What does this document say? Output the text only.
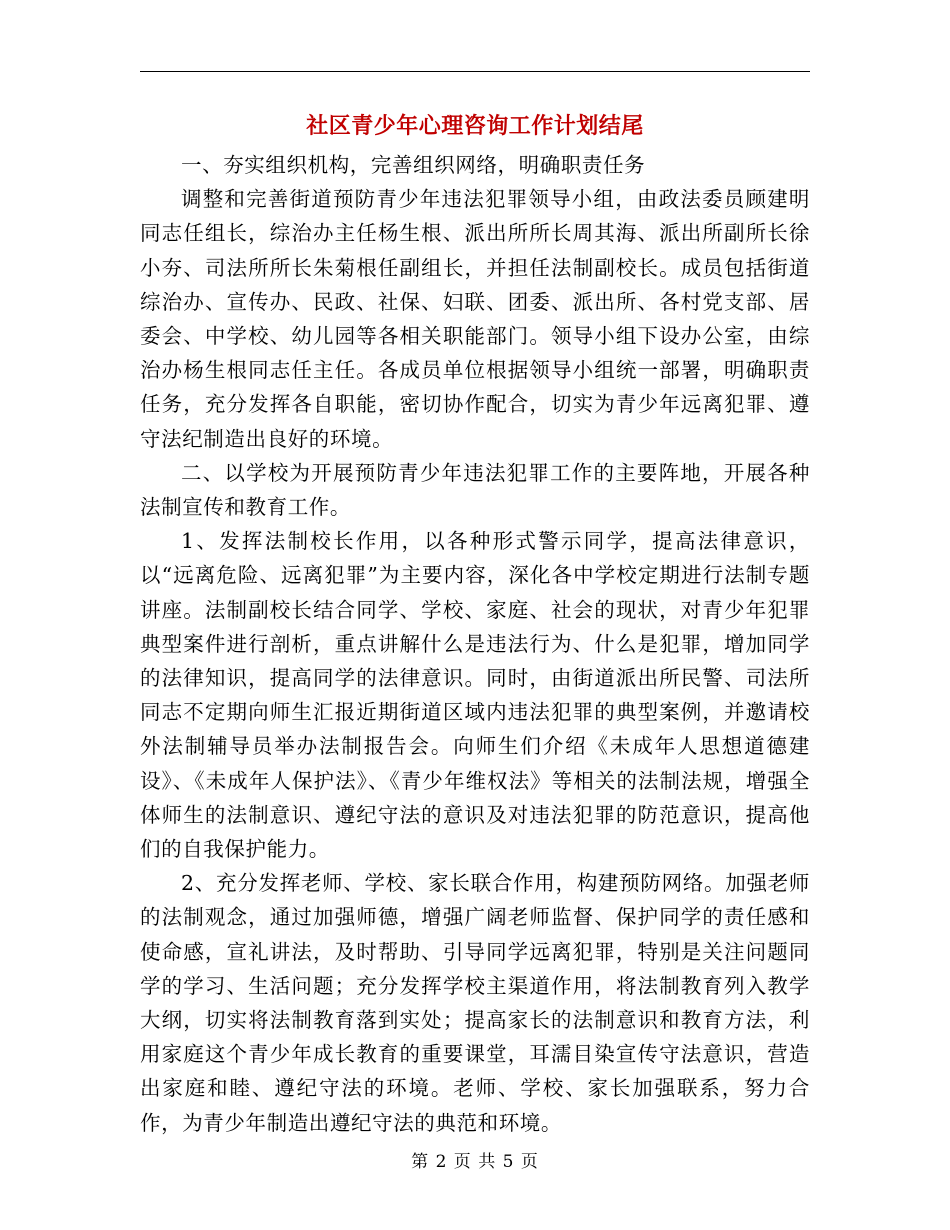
社区青少年心理咨询工作计划结尾

一、夯实组织机构，完善组织网络，明确职责任务

调整和完善街道预防青少年违法犯罪领导小组，由政法委员顾建明同志任组长，综治办主任杨生根、派出所所长周其海、派出所副所长徐小夯、司法所所长朱菊根任副组长，并担任法制副校长。成员包括街道综治办、宣传办、民政、社保、妇联、团委、派出所、各村党支部、居委会、中学校、幼儿园等各相关职能部门。领导小组下设办公室，由综治办杨生根同志任主任。各成员单位根据领导小组统一部署，明确职责任务，充分发挥各自职能，密切协作配合，切实为青少年远离犯罪、遵守法纪制造出良好的环境。

二、以学校为开展预防青少年违法犯罪工作的主要阵地，开展各种法制宣传和教育工作。

1、发挥法制校长作用，以各种形式警示同学，提高法律意识，以“远离危险、远离犯罪”为主要内容，深化各中学校定期进行法制专题讲座。法制副校长结合同学、学校、家庭、社会的现状，对青少年犯罪典型案件进行剖析，重点讲解什么是违法行为、什么是犯罪，增加同学的法律知识，提高同学的法律意识。同时，由街道派出所民警、司法所同志不定期向师生汇报近期街道区域内违法犯罪的典型案例，并邀请校外法制辅导员举办法制报告会。向师生们介绍《未成年人思想道德建设》、《未成年人保护法》、《青少年维权法》等相关的法制法规，增强全体师生的法制意识、遵纪守法的意识及对违法犯罪的防范意识，提高他们的自我保护能力。

2、充分发挥老师、学校、家长联合作用，构建预防网络。加强老师的法制观念，通过加强师德，增强广阔老师监督、保护同学的责任感和使命感，宣礼讲法，及时帮助、引导同学远离犯罪，特别是关注问题同学的学习、生活问题；充分发挥学校主渠道作用，将法制教育列入教学大纲，切实将法制教育落到实处；提高家长的法制意识和教育方法，利用家庭这个青少年成长教育的重要课堂，耳濡目染宣传守法意识，营造出家庭和睦、遵纪守法的环境。老师、学校、家长加强联系，努力合作，为青少年制造出遵纪守法的典范和环境。

第 2 页 共 5 页
